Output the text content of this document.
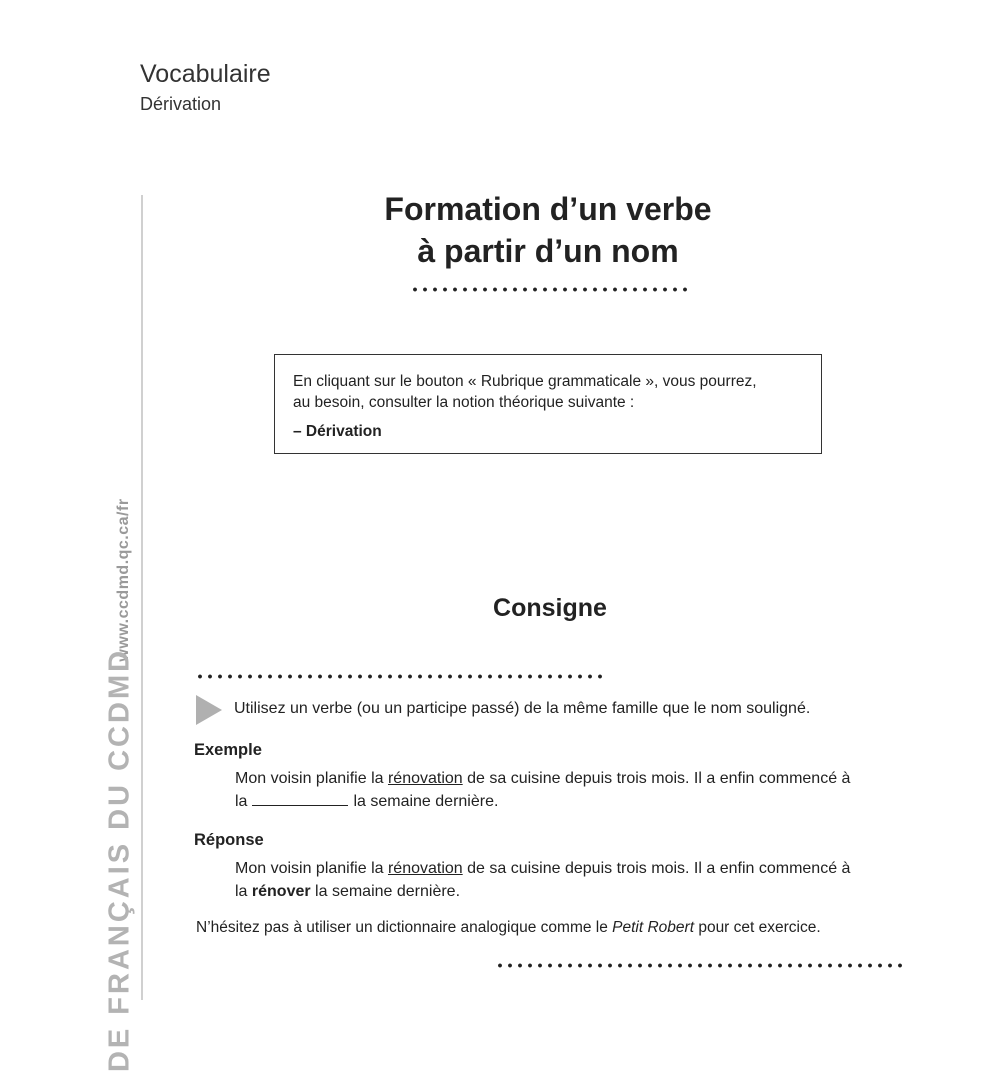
Vocabulaire
Dérivation
www.ccdmd.qc.ca/fr
DE FRANÇAIS DU CCDMD
Formation d’un verbe
à partir d’un nom
En cliquant sur le bouton « Rubrique grammaticale », vous pourrez,
au besoin, consulter la notion théorique suivante :
– Dérivation
Consigne
Utilisez un verbe (ou un participe passé) de la même famille que le nom souligné.
Exemple
Mon voisin planifie la rénovation de sa cuisine depuis trois mois. Il a enfin commencé à
la	la semaine dernière.
Réponse
Mon voisin planifie la rénovation de sa cuisine depuis trois mois. Il a enfin commencé à
la rénover la semaine dernière.
N’hésitez pas à utiliser un dictionnaire analogique comme le Petit Robert pour cet exercice.
